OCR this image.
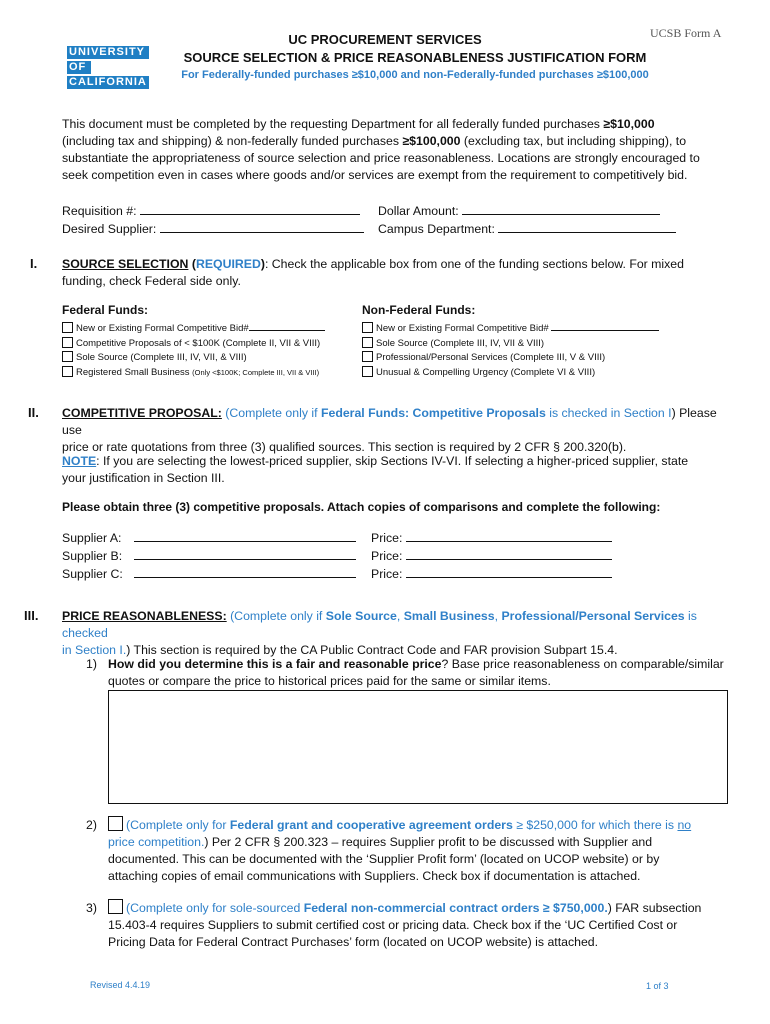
UCSB Form A
UNIVERSITY
OF
CALIFORNIA
UC PROCUREMENT SERVICES
SOURCE SELECTION & PRICE REASONABLENESS JUSTIFICATION FORM
For Federally-funded purchases ≥$10,000 and non-Federally-funded purchases ≥$100,000
This document must be completed by the requesting Department for all federally funded purchases ≥$10,000
(including tax and shipping) & non-federally funded purchases ≥$100,000 (excluding tax, but including shipping), to
substantiate the appropriateness of source selection and price reasonableness. Locations are strongly encouraged to
seek competition even in cases where goods and/or services are exempt from the requirement to competitively bid.
Requisition #:	Dollar Amount:
Desired Supplier:	Campus Department:
I. SOURCE SELECTION (REQUIRED): Check the applicable box from one of the funding sections below. For mixed
funding, check Federal side only.
Federal Funds:	Non-Federal Funds:
New or Existing Formal Competitive Bid#
Competitive Proposals of < $100K (Complete II, VII & VIII)
Sole Source (Complete III, IV, VII, & VIII)
Registered Small Business (Only <$100K; Complete III, VII & VIII)
New or Existing Formal Competitive Bid#
Sole Source (Complete III, IV, VII & VIII)
Professional/Personal Services (Complete III, V & VIII)
Unusual & Compelling Urgency (Complete VI & VIII)
II. COMPETITIVE PROPOSAL: (Complete only if Federal Funds: Competitive Proposals is checked in Section I) Please use
price or rate quotations from three (3) qualified sources. This section is required by 2 CFR § 200.320(b).
NOTE: If you are selecting the lowest-priced supplier, skip Sections IV-VI. If selecting a higher-priced supplier, state
your justification in Section III.
Please obtain three (3) competitive proposals. Attach copies of comparisons and complete the following:
Supplier A:	Price:
Supplier B:	Price:
Supplier C:	Price:
III. PRICE REASONABLENESS: (Complete only if Sole Source, Small Business, Professional/Personal Services is checked
in Section I.) This section is required by the CA Public Contract Code and FAR provision Subpart 15.4.
1) How did you determine this is a fair and reasonable price? Base price reasonableness on comparable/similar
quotes or compare the price to historical prices paid for the same or similar items.
2)	(Complete only for Federal grant and cooperative agreement orders ≥ $250,000 for which there is no
price competition.) Per 2 CFR § 200.323 – requires Supplier profit to be discussed with Supplier and
documented. This can be documented with the ‘Supplier Profit form’ (located on UCOP website) or by
attaching copies of email communications with Suppliers. Check box if documentation is attached.
3)	(Complete only for sole-sourced Federal non-commercial contract orders ≥ $750,000.) FAR subsection
15.403-4 requires Suppliers to submit certified cost or pricing data. Check box if the ‘UC Certified Cost or
Pricing Data for Federal Contract Purchases’ form (located on UCOP website) is attached.
Revised 4.4.19	1 of 3
